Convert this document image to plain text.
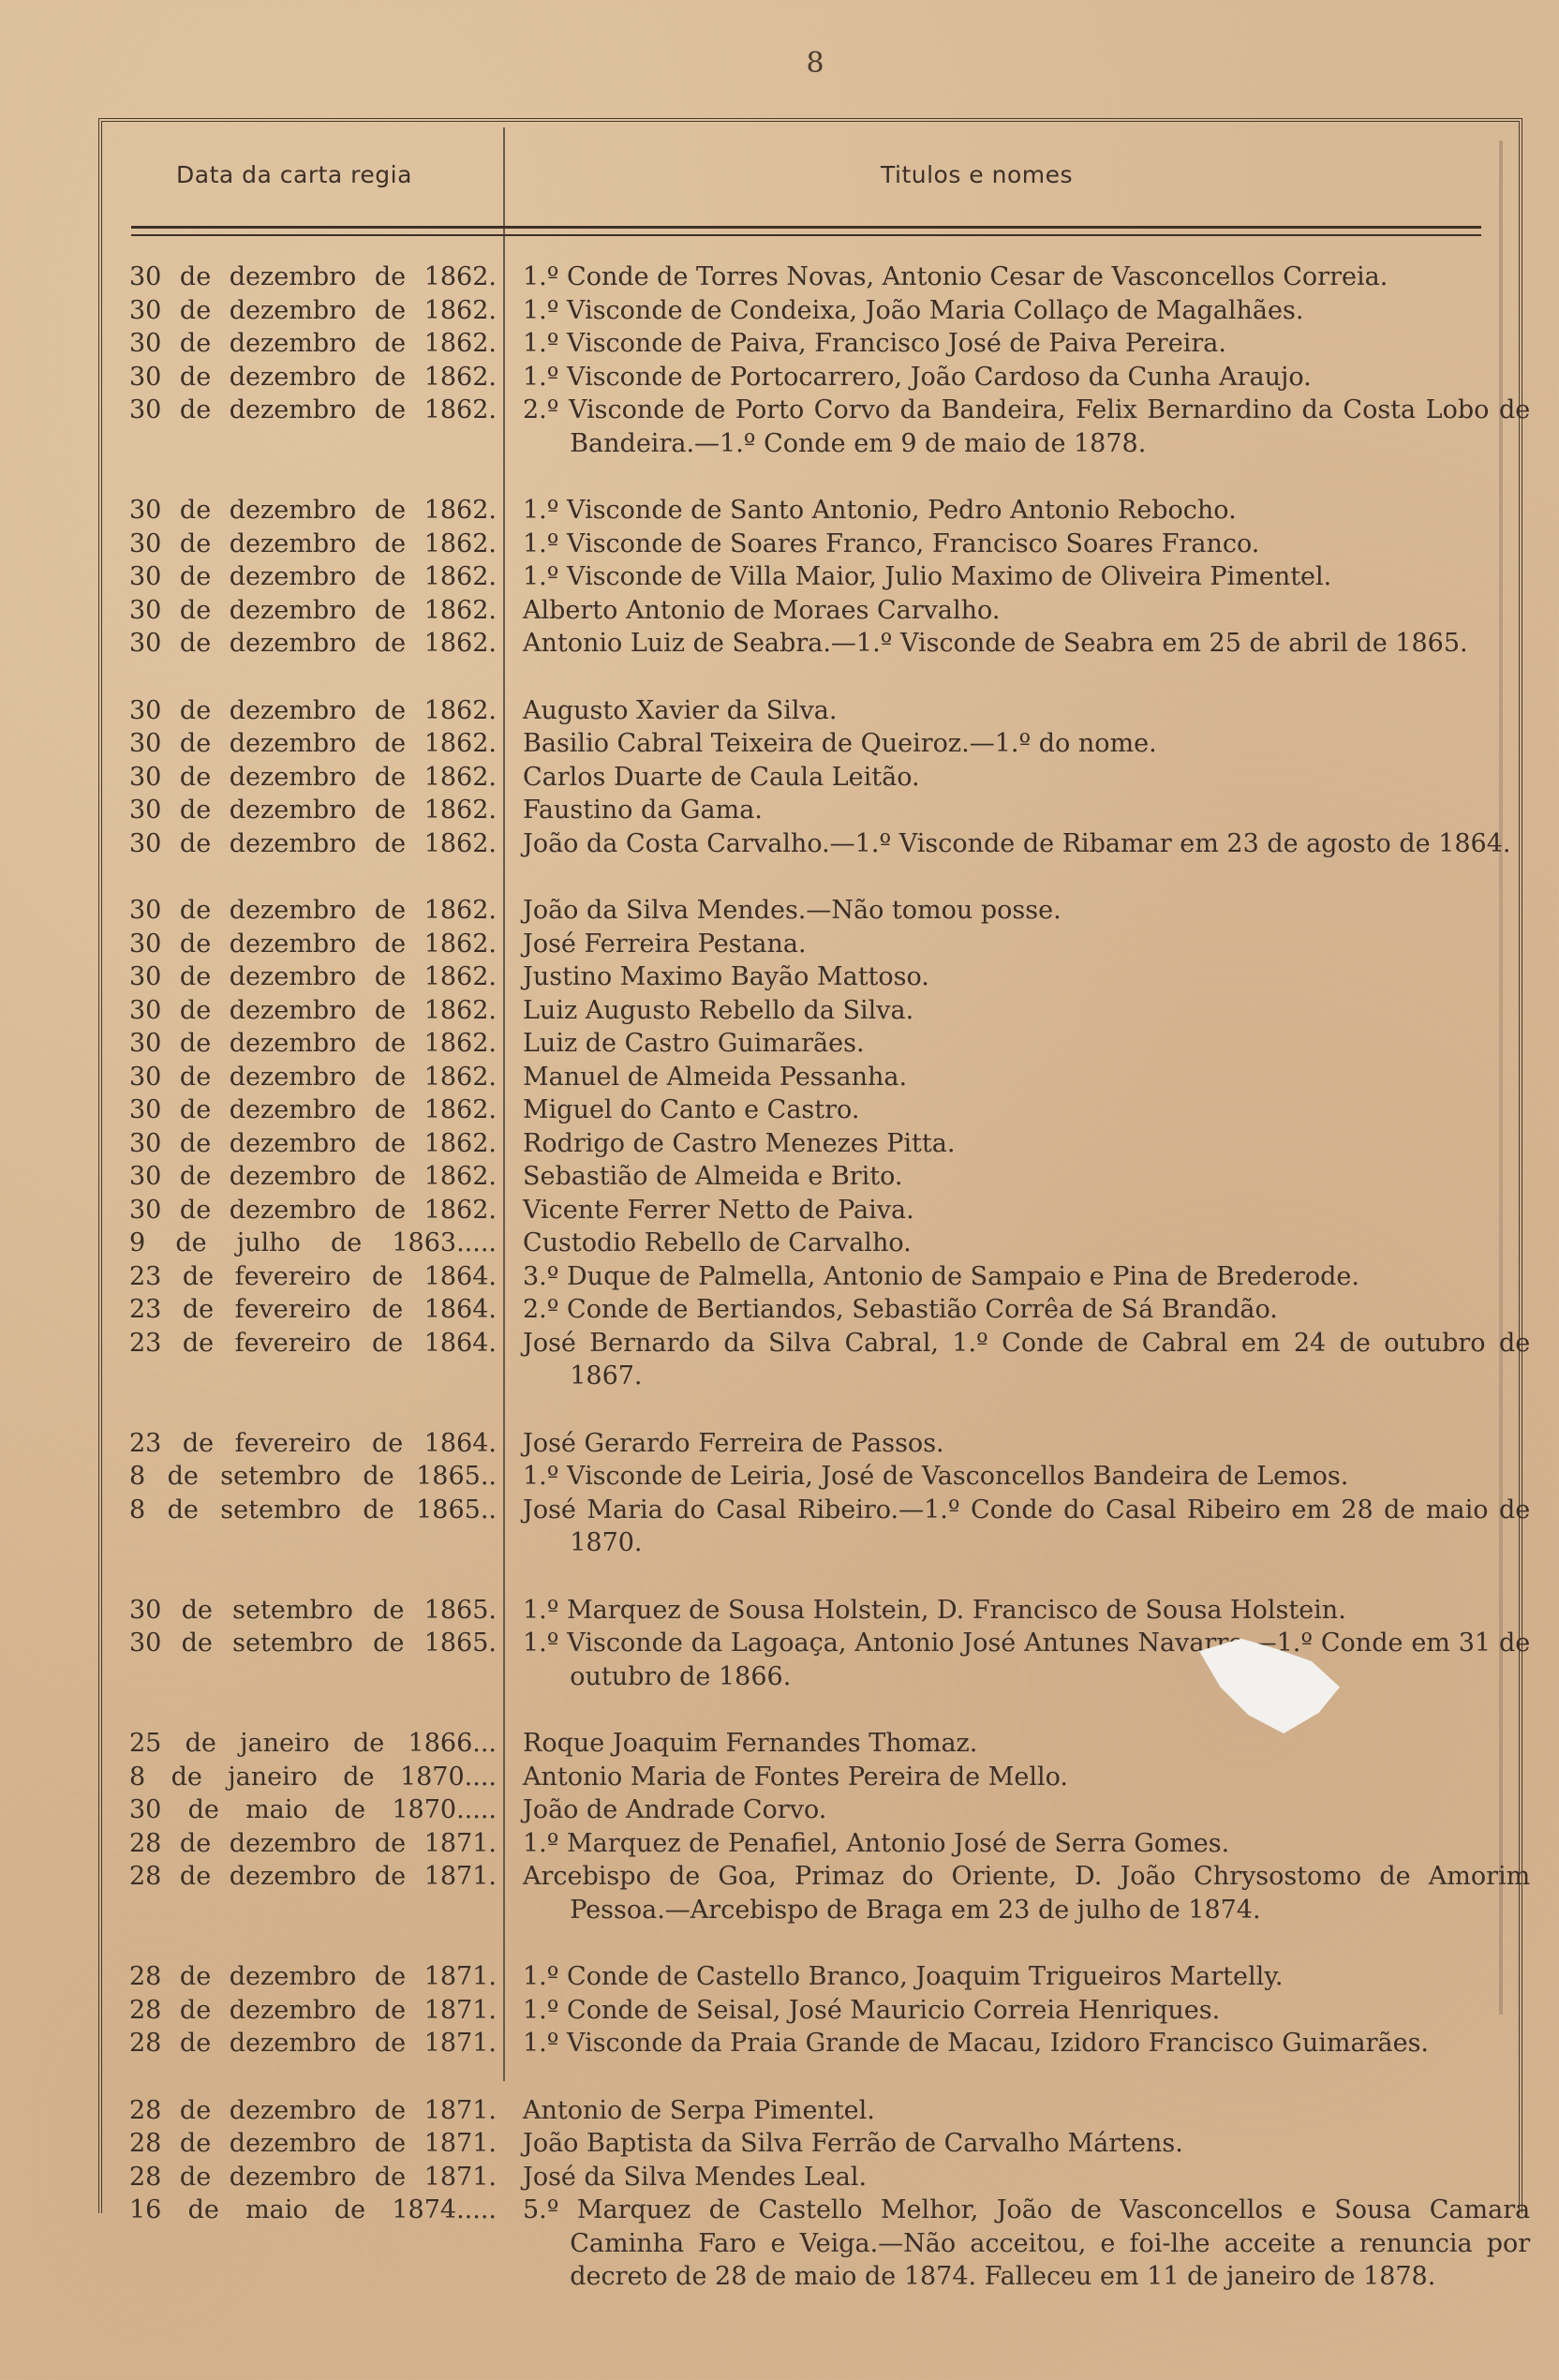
8
Data da carta regia	Titulos e nomes
30 de dezembro de 1862. 1.º Conde de Torres Novas, Antonio Cesar de Vasconcellos Correia.
30 de dezembro de 1862. 1.º Visconde de Condeixa, João Maria Collaço de Magalhães.
30 de dezembro de 1862. 1.º Visconde de Paiva, Francisco José de Paiva Pereira.
30 de dezembro de 1862. 1.º Visconde de Portocarrero, João Cardoso da Cunha Araujo.
30 de dezembro de 1862. 2.º Visconde de Porto Corvo da Bandeira, Felix Bernardino da Costa Lobo de Bandeira.—1.º Conde em 9 de maio de 1878.
30 de dezembro de 1862. 1.º Visconde de Santo Antonio, Pedro Antonio Rebocho.
30 de dezembro de 1862. 1.º Visconde de Soares Franco, Francisco Soares Franco.
30 de dezembro de 1862. 1.º Visconde de Villa Maior, Julio Maximo de Oliveira Pimentel.
30 de dezembro de 1862. Alberto Antonio de Moraes Carvalho.
30 de dezembro de 1862. Antonio Luiz de Seabra.—1.º Visconde de Seabra em 25 de abril de 1865.
30 de dezembro de 1862. Augusto Xavier da Silva.
30 de dezembro de 1862. Basilio Cabral Teixeira de Queiroz.—1.º do nome.
30 de dezembro de 1862. Carlos Duarte de Caula Leitão.
30 de dezembro de 1862. Faustino da Gama.
30 de dezembro de 1862. João da Costa Carvalho.—1.º Visconde de Ribamar em 23 de agosto de 1864.
30 de dezembro de 1862. João da Silva Mendes.—Não tomou posse.
30 de dezembro de 1862. José Ferreira Pestana.
30 de dezembro de 1862. Justino Maximo Bayão Mattoso.
30 de dezembro de 1862. Luiz Augusto Rebello da Silva.
30 de dezembro de 1862. Luiz de Castro Guimarães.
30 de dezembro de 1862. Manuel de Almeida Pessanha.
30 de dezembro de 1862. Miguel do Canto e Castro.
30 de dezembro de 1862. Rodrigo de Castro Menezes Pitta.
30 de dezembro de 1862. Sebastião de Almeida e Brito.
30 de dezembro de 1862. Vicente Ferrer Netto de Paiva.
9 de julho de 1863..... Custodio Rebello de Carvalho.
23 de fevereiro de 1864. 3.º Duque de Palmella, Antonio de Sampaio e Pina de Brederode.
23 de fevereiro de 1864. 2.º Conde de Bertiandos, Sebastião Corrêa de Sá Brandão.
23 de fevereiro de 1864. José Bernardo da Silva Cabral, 1.º Conde de Cabral em 24 de outubro de 1867.
23 de fevereiro de 1864. José Gerardo Ferreira de Passos.
8 de setembro de 1865.. 1.º Visconde de Leiria, José de Vasconcellos Bandeira de Lemos.
8 de setembro de 1865.. José Maria do Casal Ribeiro.—1.º Conde do Casal Ribeiro em 28 de maio de 1870.
30 de setembro de 1865. 1.º Marquez de Sousa Holstein, D. Francisco de Sousa Holstein.
30 de setembro de 1865. 1.º Visconde da Lagoaça, Antonio José Antunes Navarro.—1.º Conde em 31 de outubro de 1866.
25 de janeiro de 1866... Roque Joaquim Fernandes Thomaz.
8 de janeiro de 1870.... Antonio Maria de Fontes Pereira de Mello.
30 de maio de 1870..... João de Andrade Corvo.
28 de dezembro de 1871. 1.º Marquez de Penafiel, Antonio José de Serra Gomes.
28 de dezembro de 1871. Arcebispo de Goa, Primaz do Oriente, D. João Chrysostomo de Amorim Pessoa.—Arcebispo de Braga em 23 de julho de 1874.
28 de dezembro de 1871. 1.º Conde de Castello Branco, Joaquim Trigueiros Martelly.
28 de dezembro de 1871. 1.º Conde de Seisal, José Mauricio Correia Henriques.
28 de dezembro de 1871. 1.º Visconde da Praia Grande de Macau, Izidoro Francisco Guimarães.
28 de dezembro de 1871. Antonio de Serpa Pimentel.
28 de dezembro de 1871. João Baptista da Silva Ferrão de Carvalho Mártens.
28 de dezembro de 1871. José da Silva Mendes Leal.
16 de maio de 1874..... 5.º Marquez de Castello Melhor, João de Vasconcellos e Sousa Camara Caminha Faro e Veiga.—Não acceitou, e foi-lhe acceite a renuncia por decreto de 28 de maio de 1874. Falleceu em 11 de janeiro de 1878.
